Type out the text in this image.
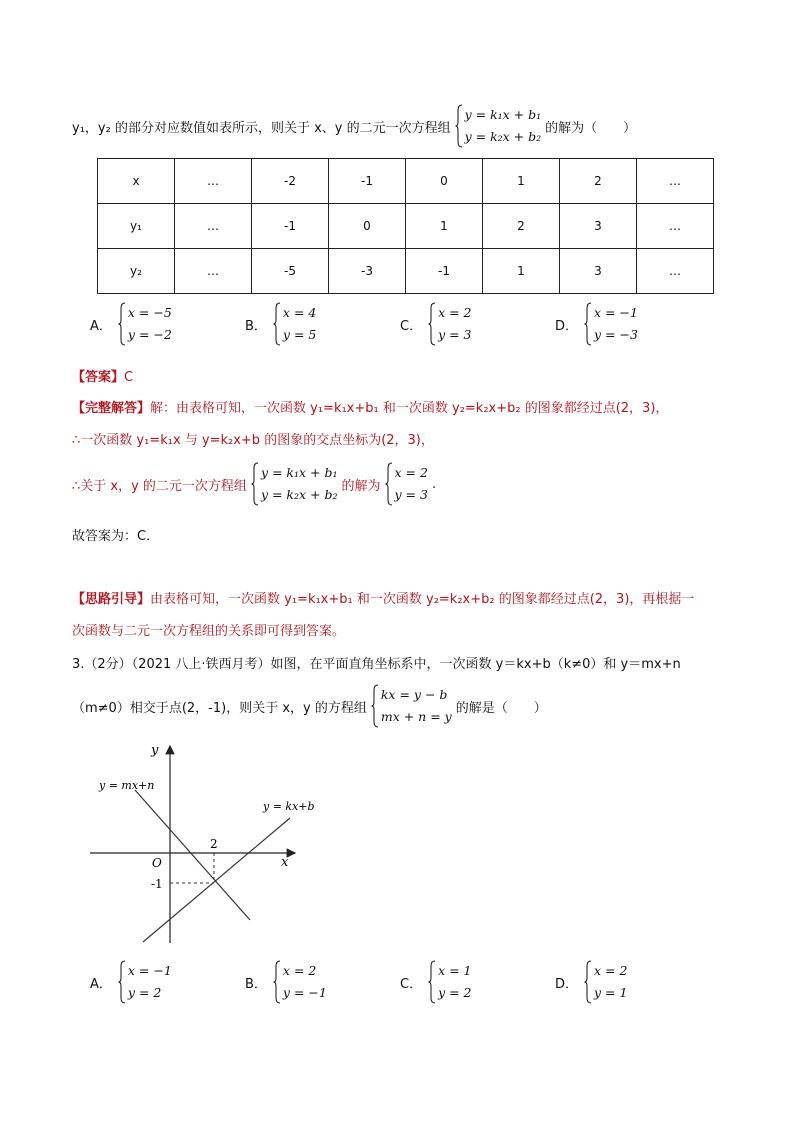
y₁，y₂ 的部分对应数值如表所示，则关于 x、y 的二元一次方程组
y = k₁x + b₁
y = k₂x + b₂
的解为（　　）
x	…	-2	-1	0	1	2	…
y₁	…	-1	0	1	2	3	…
y₂	…	-5	-3	-1	1	3	…
A．
x = −5
y = −2
B．
x = 4
y = 5
C．
x = 2
y = 3
D．
x = −1
y = −3
【答案】C
【完整解答】解：由表格可知，一次函数 y₁=k₁x+b₁ 和一次函数 y₂=k₂x+b₂ 的图象都经过点(2，3)，
∴一次函数 y₁=k₁x 与 y=k₂x+b 的图象的交点坐标为(2，3)，
∴关于 x，y 的二元一次方程组
y = k₁x + b₁
y = k₂x + b₂
的解为
x = 2
y = 3
.
故答案为：C．
【思路引导】由表格可知，一次函数 y₁=k₁x+b₁ 和一次函数 y₂=k₂x+b₂ 的图象都经过点(2，3)，再根据一
次函数与二元一次方程组的关系即可得到答案。
3.（2分）（2021 八上·铁西月考）如图，在平面直角坐标系中，一次函数 y＝kx+b（k≠0）和 y＝mx+n
（m≠0）相交于点(2，-1)，则关于 x，y 的方程组
kx = y − b
mx + n = y
的解是（　　）
y
x
O
2
-1
y = mx+n
y = kx+b
A．
x = −1
y = 2
B．
x = 2
y = −1
C．
x = 1
y = 2
D．
x = 2
y = 1
